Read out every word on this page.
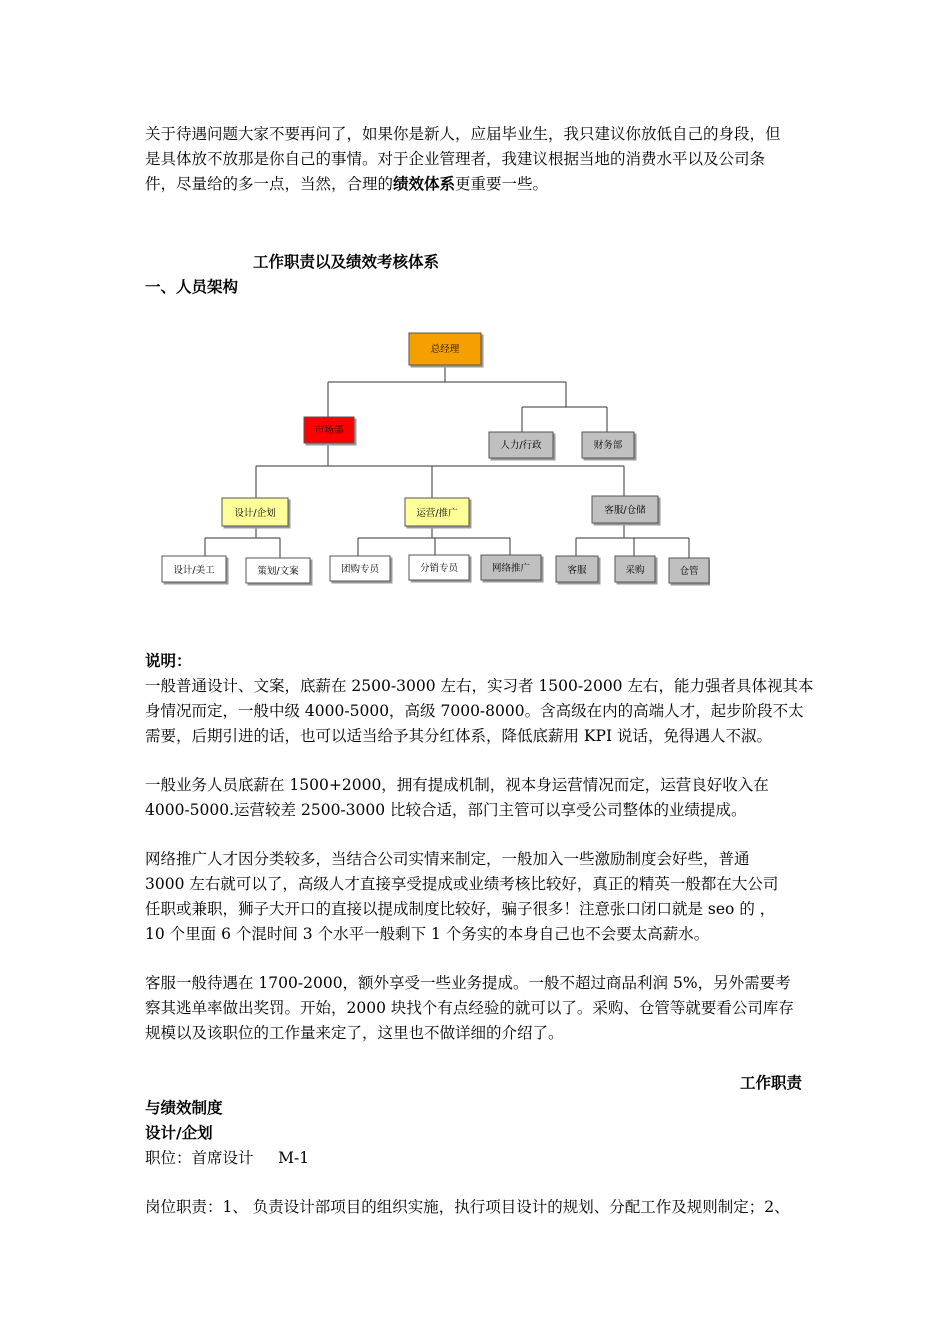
关于待遇问题大家不要再问了，如果你是新人，应届毕业生，我只建议你放低自己的身段，但
是具体放不放那是你自己的事情。对于企业管理者，我建议根据当地的消费水平以及公司条
件，尽量给的多一点，当然，合理的绩效体系更重要一些。

工作职责以及绩效考核体系
一、人员架构
总经理
市场部
人力/行政	财务部
设计/企划	运营/推广	客服/仓储
设计/美工	策划/文案	团购专员	分销专员	网络推广	客服	采购	仓管
说明：

一般普通设计、文案，底薪在 2500-3000 左右，实习者 1500-2000 左右，能力强者具体视其本
身情况而定，一般中级 4000-5000，高级 7000-8000。含高级在内的高端人才，起步阶段不太
需要，后期引进的话，也可以适当给予其分红体系，降低底薪用 KPI 说话，免得遇人不淑。

一般业务人员底薪在 1500+2000，拥有提成机制，视本身运营情况而定，运营良好收入在
4000-5000.运营较差 2500-3000 比较合适，部门主管可以享受公司整体的业绩提成。

网络推广人才因分类较多，当结合公司实情来制定，一般加入一些激励制度会好些，普通
3000 左右就可以了，高级人才直接享受提成或业绩考核比较好，真正的精英一般都在大公司
任职或兼职，狮子大开口的直接以提成制度比较好，骗子很多！注意张口闭口就是 seo 的 ，
10 个里面 6 个混时间 3 个水平一般剩下 1 个务实的本身自己也不会要太高薪水。

客服一般待遇在 1700-2000，额外享受一些业务提成。一般不超过商品利润 5%，另外需要考
察其逃单率做出奖罚。开始，2000 块找个有点经验的就可以了。采购、仓管等就要看公司库存
规模以及该职位的工作量来定了，这里也不做详细的介绍了。

工作职责
与绩效制度
设计/企划
职位：首席设计     M-1
岗位职责：1、 负责设计部项目的组织实施，执行项目设计的规划、分配工作及规则制定；2、
